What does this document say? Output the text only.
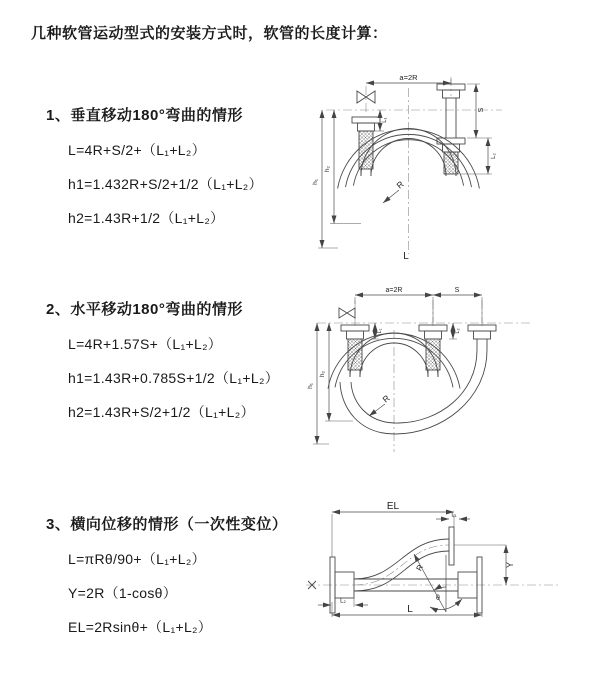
几种软管运动型式的安装方式时，软管的长度计算：
1、垂直移动180°弯曲的情形
L=4R+S/2+（L₁+L₂）
h1=1.432R+S/2+1/2（L₁+L₂）
h2=1.43R+1/2（L₁+L₂）
a=2R
h₁
h₂
L₁
S
L₂
R
L
2、水平移动180°弯曲的情形
L=4R+1.57S+（L₁+L₂）
h1=1.43R+0.785S+1/2（L₁+L₂）
h2=1.43R+S/2+1/2（L₁+L₂）
a=2R	S
h₁
h₂
L₁	L₂
R
3、横向位移的情形（一次性变位）
L=πRθ/90+（L₁+L₂）
Y=2R（1-cosθ）
EL=2Rsinθ+（L₁+L₂）
EL
L₁
Y
L
L₂
R
θ
